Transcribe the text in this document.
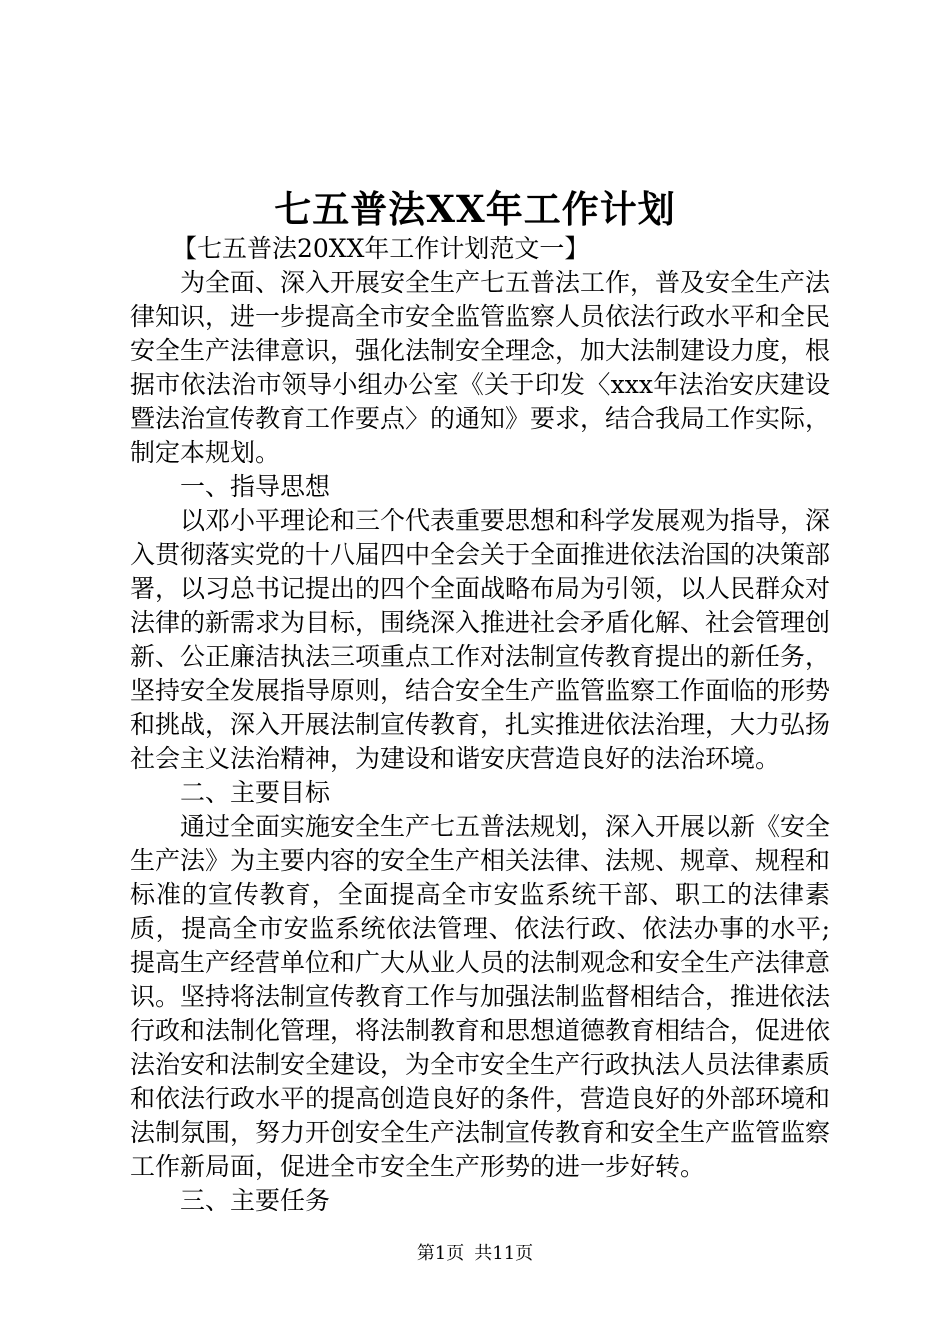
七五普法XX年工作计划

【七五普法20XX年工作计划范文一】

为全面、深入开展安全生产七五普法工作，普及安全生产法律知识，进一步提高全市安全监管监察人员依法行政水平和全民安全生产法律意识，强化法制安全理念，加大法制建设力度，根据市依法治市领导小组办公室《关于印发〈xxx年法治安庆建设暨法治宣传教育工作要点〉的通知》要求，结合我局工作实际，制定本规划。

一、指导思想

以邓小平理论和三个代表重要思想和科学发展观为指导，深入贯彻落实党的十八届四中全会关于全面推进依法治国的决策部署，以习总书记提出的四个全面战略布局为引领，以人民群众对法律的新需求为目标，围绕深入推进社会矛盾化解、社会管理创新、公正廉洁执法三项重点工作对法制宣传教育提出的新任务，坚持安全发展指导原则，结合安全生产监管监察工作面临的形势和挑战，深入开展法制宣传教育，扎实推进依法治理，大力弘扬社会主义法治精神，为建设和谐安庆营造良好的法治环境。

二、主要目标

通过全面实施安全生产七五普法规划，深入开展以新《安全生产法》为主要内容的安全生产相关法律、法规、规章、规程和标准的宣传教育，全面提高全市安监系统干部、职工的法律素质，提高全市安监系统依法管理、依法行政、依法办事的水平;提高生产经营单位和广大从业人员的法制观念和安全生产法律意识。坚持将法制宣传教育工作与加强法制监督相结合，推进依法行政和法制化管理，将法制教育和思想道德教育相结合，促进依法治安和法制安全建设，为全市安全生产行政执法人员法律素质和依法行政水平的提高创造良好的条件，营造良好的外部环境和法制氛围，努力开创安全生产法制宣传教育和安全生产监管监察工作新局面，促进全市安全生产形势的进一步好转。

三、主要任务

第1页 共11页
